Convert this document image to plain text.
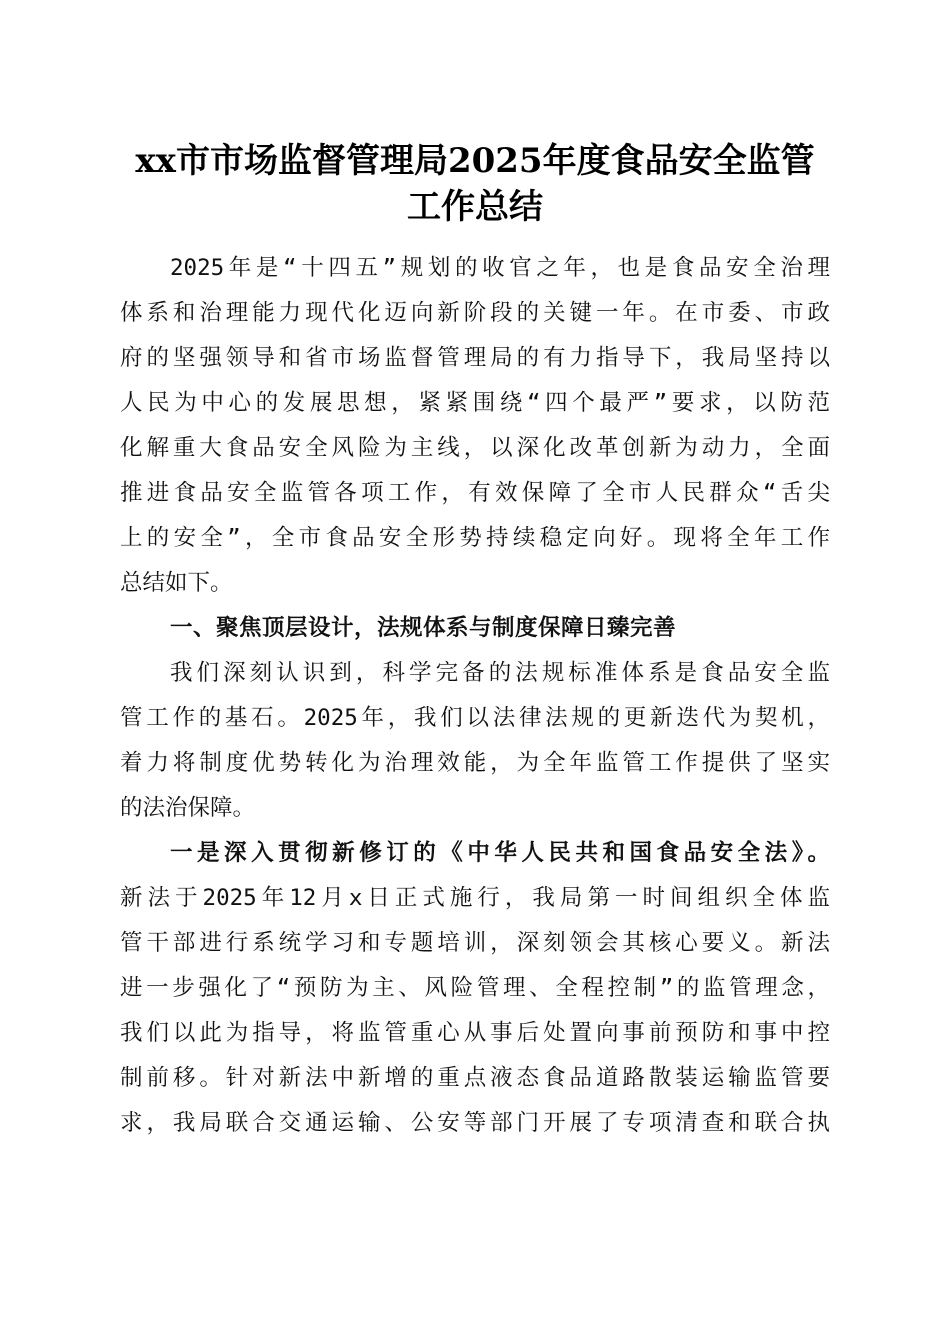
xx市市场监督管理局2025年度食品安全监管
工作总结
2025年是“十四五”规划的收官之年，也是食品安全治理
体系和治理能力现代化迈向新阶段的关键一年。在市委、市政
府的坚强领导和省市场监督管理局的有力指导下，我局坚持以
人民为中心的发展思想，紧紧围绕“四个最严”要求，以防范
化解重大食品安全风险为主线，以深化改革创新为动力，全面
推进食品安全监管各项工作，有效保障了全市人民群众“舌尖
上的安全”，全市食品安全形势持续稳定向好。现将全年工作
总结如下。
一、聚焦顶层设计，法规体系与制度保障日臻完善
我们深刻认识到，科学完备的法规标准体系是食品安全监
管工作的基石。2025年，我们以法律法规的更新迭代为契机，
着力将制度优势转化为治理效能，为全年监管工作提供了坚实
的法治保障。
一是深入贯彻新修订的《中华人民共和国食品安全法》。
新法于2025年12月x日正式施行，我局第一时间组织全体监
管干部进行系统学习和专题培训，深刻领会其核心要义。新法
进一步强化了“预防为主、风险管理、全程控制”的监管理念，
我们以此为指导，将监管重心从事后处置向事前预防和事中控
制前移。针对新法中新增的重点液态食品道路散装运输监管要
求，我局联合交通运输、公安等部门开展了专项清查和联合执
